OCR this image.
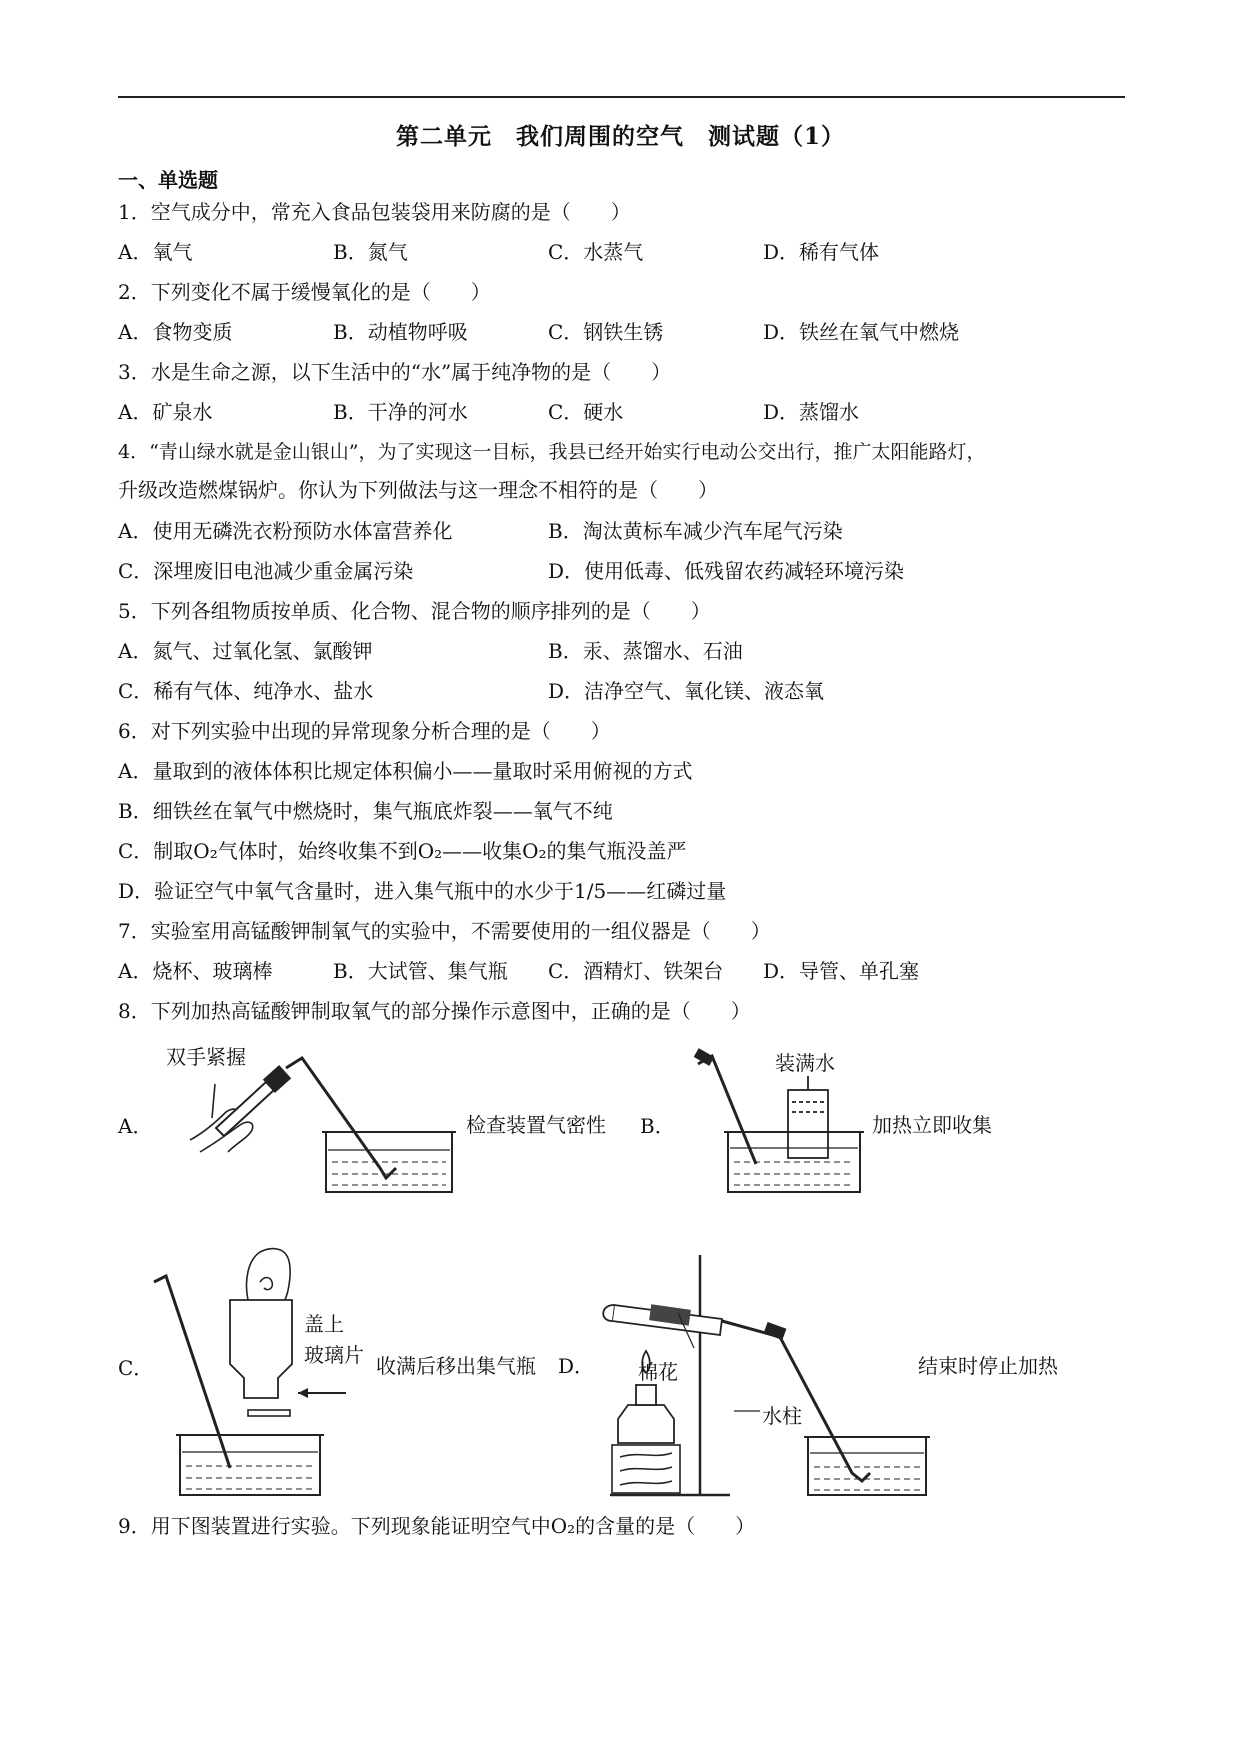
第二单元　我们周围的空气　测试题（1）
一、单选题
1．空气成分中，常充入食品包装袋用来防腐的是（　　）
A．氧气	B．氮气	C．水蒸气	D．稀有气体
2．下列变化不属于缓慢氧化的是（　　）
A．食物变质	B．动植物呼吸	C．钢铁生锈	D．铁丝在氧气中燃烧
3．水是生命之源，以下生活中的“水”属于纯净物的是（　　）
A．矿泉水	B．干净的河水	C．硬水	D．蒸馏水
4．“青山绿水就是金山银山”，为了实现这一目标，我县已经开始实行电动公交出行，推广太阳能路灯，
升级改造燃煤锅炉。你认为下列做法与这一理念不相符的是（　　）
A．使用无磷洗衣粉预防水体富营养化	B．淘汰黄标车减少汽车尾气污染
C．深埋废旧电池减少重金属污染	D．使用低毒、低残留农药减轻环境污染
5．下列各组物质按单质、化合物、混合物的顺序排列的是（　　）
A．氮气、过氧化氢、氯酸钾	B．汞、蒸馏水、石油
C．稀有气体、纯净水、盐水	D．洁净空气、氧化镁、液态氧
6．对下列实验中出现的异常现象分析合理的是（　　）
A．量取到的液体体积比规定体积偏小——量取时采用俯视的方式
B．细铁丝在氧气中燃烧时，集气瓶底炸裂——氧气不纯
C．制取O₂气体时，始终收集不到O₂——收集O₂的集气瓶没盖严
D．验证空气中氧气含量时，进入集气瓶中的水少于1/5——红磷过量
7．实验室用高锰酸钾制氧气的实验中，不需要使用的一组仪器是（　　）
A．烧杯、玻璃棒	B．大试管、集气瓶 C．酒精灯、铁架台 D．导管、单孔塞
8．下列加热高锰酸钾制取氧气的部分操作示意图中，正确的是（　　）
A．
双手紧握
检查装置气密性 B．
装满水
加热立即收集
C．
盖上
玻璃片 收满后移出集气瓶 D． 棉花
水柱
结束时停止加热
9．用下图装置进行实验。下列现象能证明空气中O₂的含量的是（　　）
